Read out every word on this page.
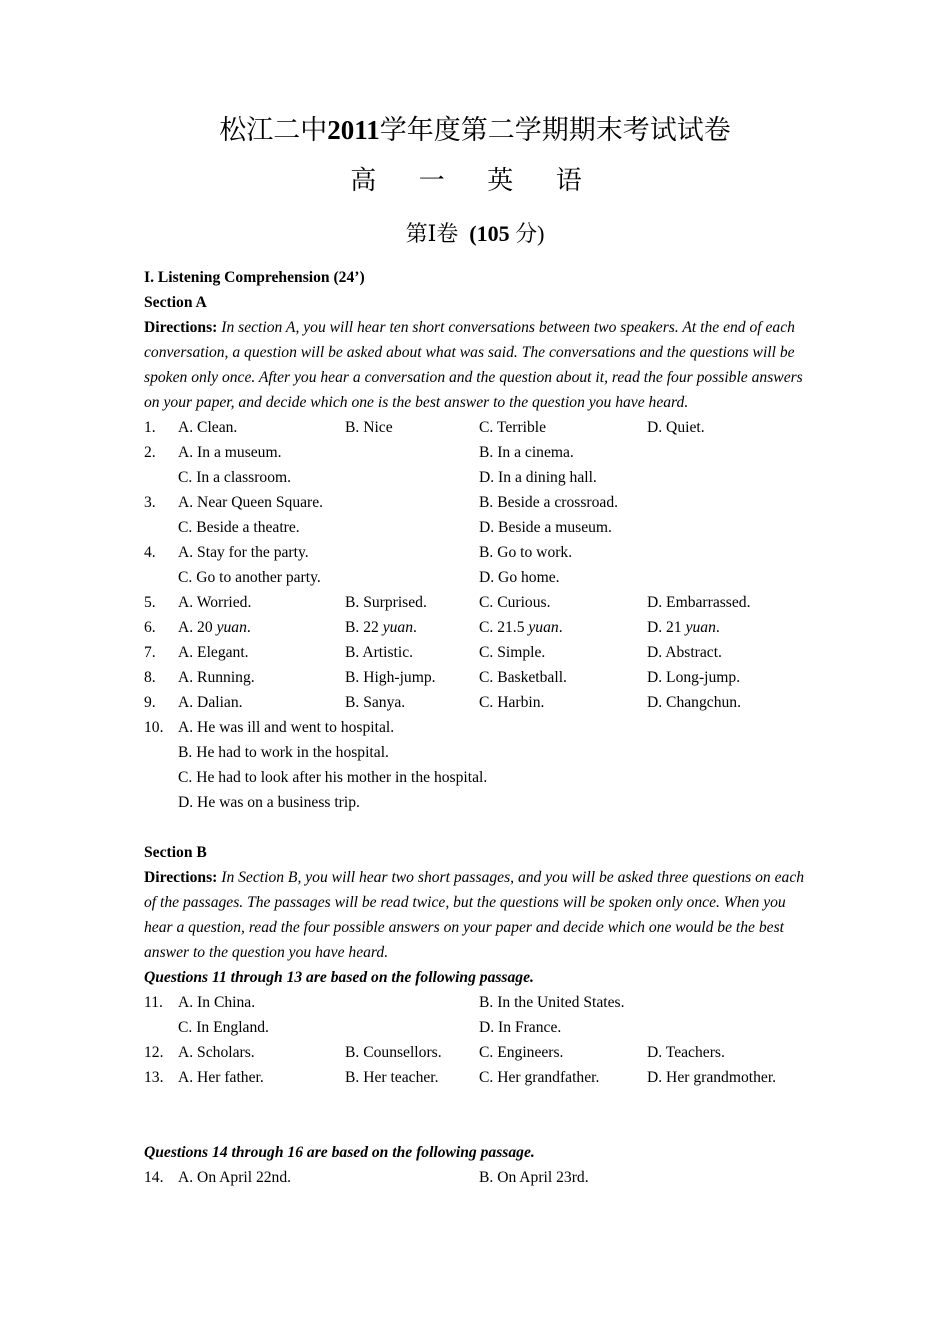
松江二中2011学年度第二学期期末考试试卷
高 一 英 语
第Ⅰ卷 (105 分)
I. Listening Comprehension (24’)
Section A
Directions: In section A, you will hear ten short conversations between two speakers. At the end of each conversation, a question will be asked about what was said. The conversations and the questions will be spoken only once. After you hear a conversation and the question about it, read the four possible answers on your paper, and decide which one is the best answer to the question you have heard.
1. A. Clean.	B. Nice	C. Terrible	D. Quiet.
2. A. In a museum.	B. In a cinema.
C. In a classroom.	D. In a dining hall.
3. A. Near Queen Square.	B. Beside a crossroad.
C. Beside a theatre.	D. Beside a museum.
4. A. Stay for the party.	B. Go to work.
C. Go to another party.	D. Go home.
5. A. Worried.	B. Surprised.	C. Curious.	D. Embarrassed.
6. A. 20 yuan.	B. 22 yuan.	C. 21.5 yuan.	D. 21 yuan.
7. A. Elegant.	B. Artistic.	C. Simple.	D. Abstract.
8. A. Running.	B. High-jump.	C. Basketball.	D. Long-jump.
9. A. Dalian.	B. Sanya.	C. Harbin.	D. Changchun.
10. A. He was ill and went to hospital.
B. He had to work in the hospital.
C. He had to look after his mother in the hospital.
D. He was on a business trip.
Section B
Directions: In Section B, you will hear two short passages, and you will be asked three questions on each of the passages. The passages will be read twice, but the questions will be spoken only once. When you hear a question, read the four possible answers on your paper and decide which one would be the best answer to the question you have heard.
Questions 11 through 13 are based on the following passage.
11. A. In China.	B. In the United States.
C. In England.	D. In France.
12. A. Scholars.	B. Counsellors. C. Engineers.	D. Teachers.
13. A. Her father.	B. Her teacher.	C. Her grandfather.	D. Her grandmother.
Questions 14 through 16 are based on the following passage.
14. A. On April 22nd.	B. On April 23rd.
